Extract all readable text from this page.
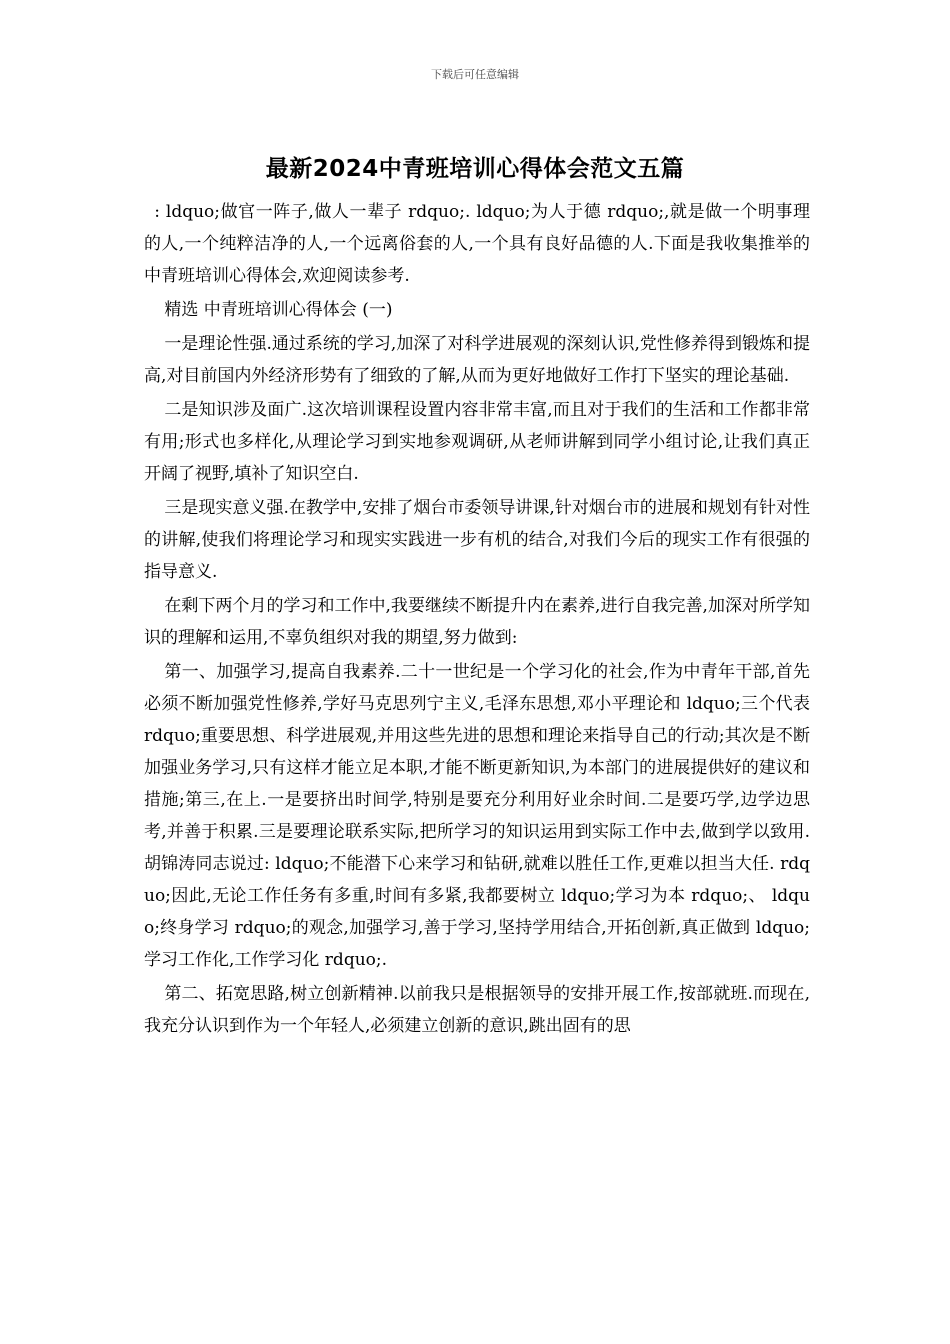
下载后可任意编辑
最新2024中青班培训心得体会范文五篇

: ldquo;做官一阵子,做人一辈子 rdquo;. ldquo;为人于德 rdquo;,就是做一个明事理的人,一个纯粹洁净的人,一个远离俗套的人,一个具有良好品德的人.下面是我收集推举的中青班培训心得体会,欢迎阅读参考.

精选 中青班培训心得体会 (一)

一是理论性强.通过系统的学习,加深了对科学进展观的深刻认识,党性修养得到锻炼和提高,对目前国内外经济形势有了细致的了解,从而为更好地做好工作打下坚实的理论基础.

二是知识涉及面广.这次培训课程设置内容非常丰富,而且对于我们的生活和工作都非常有用;形式也多样化,从理论学习到实地参观调研,从老师讲解到同学小组讨论,让我们真正开阔了视野,填补了知识空白.

三是现实意义强.在教学中,安排了烟台市委领导讲课,针对烟台市的进展和规划有针对性的讲解,使我们将理论学习和现实实践进一步有机的结合,对我们今后的现实工作有很强的指导意义.

在剩下两个月的学习和工作中,我要继续不断提升内在素养,进行自我完善,加深对所学知识的理解和运用,不辜负组织对我的期望,努力做到:

第一、加强学习,提高自我素养.二十一世纪是一个学习化的社会,作为中青年干部,首先必须不断加强党性修养,学好马克思列宁主义,毛泽东思想,邓小平理论和 ldquo;三个代表 rdquo;重要思想、科学进展观,并用这些先进的思想和理论来指导自己的行动;其次是不断加强业务学习,只有这样才能立足本职,才能不断更新知识,为本部门的进展提供好的建议和措施;第三,在上.一是要挤出时间学,特别是要充分利用好业余时间.二是要巧学,边学边思考,并善于积累.三是要理论联系实际,把所学习的知识运用到实际工作中去,做到学以致用.胡锦涛同志说过: ldquo;不能潜下心来学习和钻研,就难以胜任工作,更难以担当大任. rdquo;因此,无论工作任务有多重,时间有多紧,我都要树立 ldquo;学习为本 rdquo;、 ldquo;终身学习 rdquo;的观念,加强学习,善于学习,坚持学用结合,开拓创新,真正做到 ldquo;学习工作化,工作学习化 rdquo;.

第二、拓宽思路,树立创新精神.以前我只是根据领导的安排开展工作,按部就班.而现在,我充分认识到作为一个年轻人,必须建立创新的意识,跳出固有的思
